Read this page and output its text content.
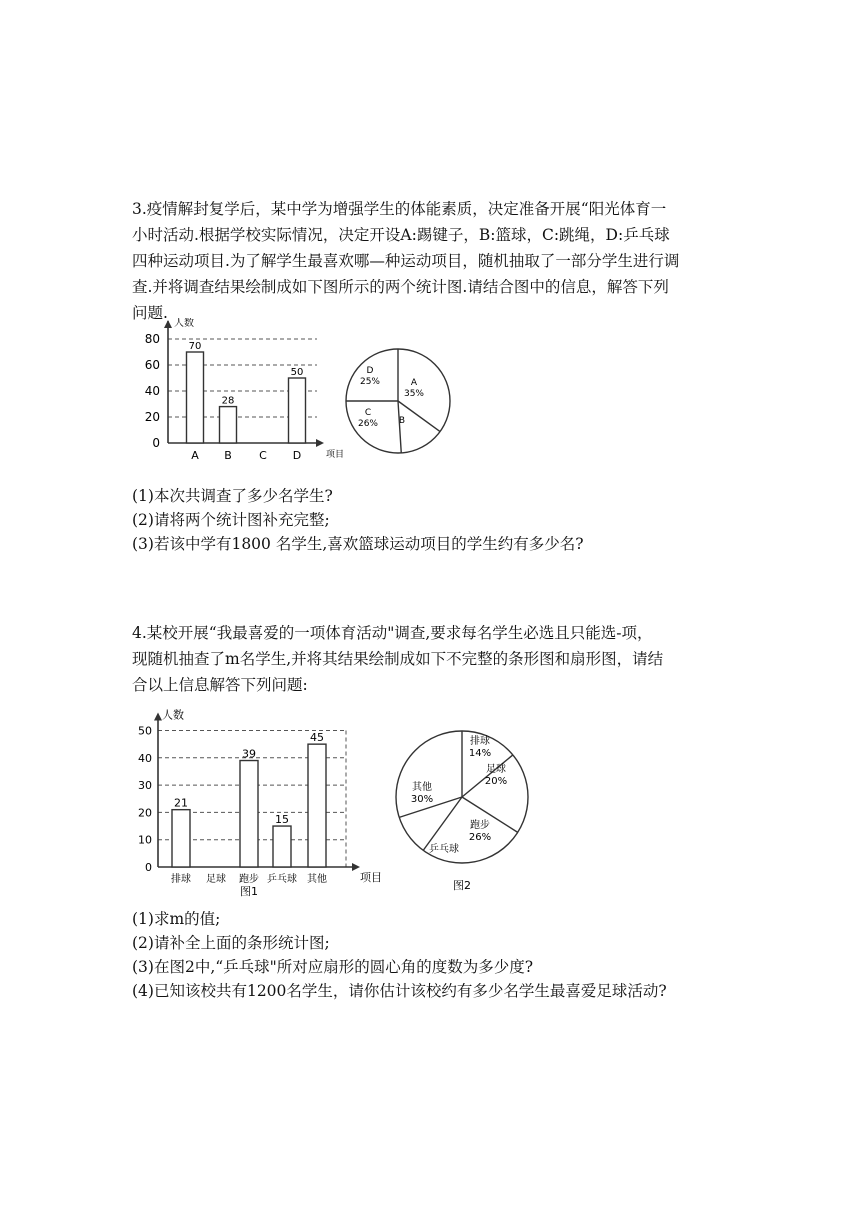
3.疫情解封复学后，某中学为增强学生的体能素质，决定准备开展“阳光体育一
小时活动.根据学校实际情况，决定开设A:踢键子，B:篮球，C:跳绳，D:乒乓球
四种运动项目.为了解学生最喜欢哪—种运动项目，随机抽取了一部分学生进行调
查.并将调查结果绘制成如下图所示的两个统计图.请结合图中的信息，解答下列
问题.
0
20
40
60
80
人数
项目
70
A
28
B C
50
D
A
35%
B
C
26%
D
25%
(1)本次共调查了多少名学生?
(2)请将两个统计图补充完整;
(3)若该中学有1800 名学生,喜欢篮球运动项目的学生约有多少名?
4.某校开展“我最喜爱的一项体育活动"调查,要求每名学生必选且只能选-项，
现随机抽查了m名学生,并将其结果绘制成如下不完整的条形图和扇形图，请结
合以上信息解答下列问题:
0
10
20
30
40
50
人数
项目
21
排球 足球
39
跑步
15
乒乓球
45
其他
图1
排球
14%
足球
20%
跑步
26%
乒乓球
其他
30%
图2
(1)求m的值;
(2)请补全上面的条形统计图;
(3)在图2中,“乒乓球"所对应扇形的圆心角的度数为多少度?
(4)已知该校共有1200名学生，请你估计该校约有多少名学生最喜爱足球活动?
